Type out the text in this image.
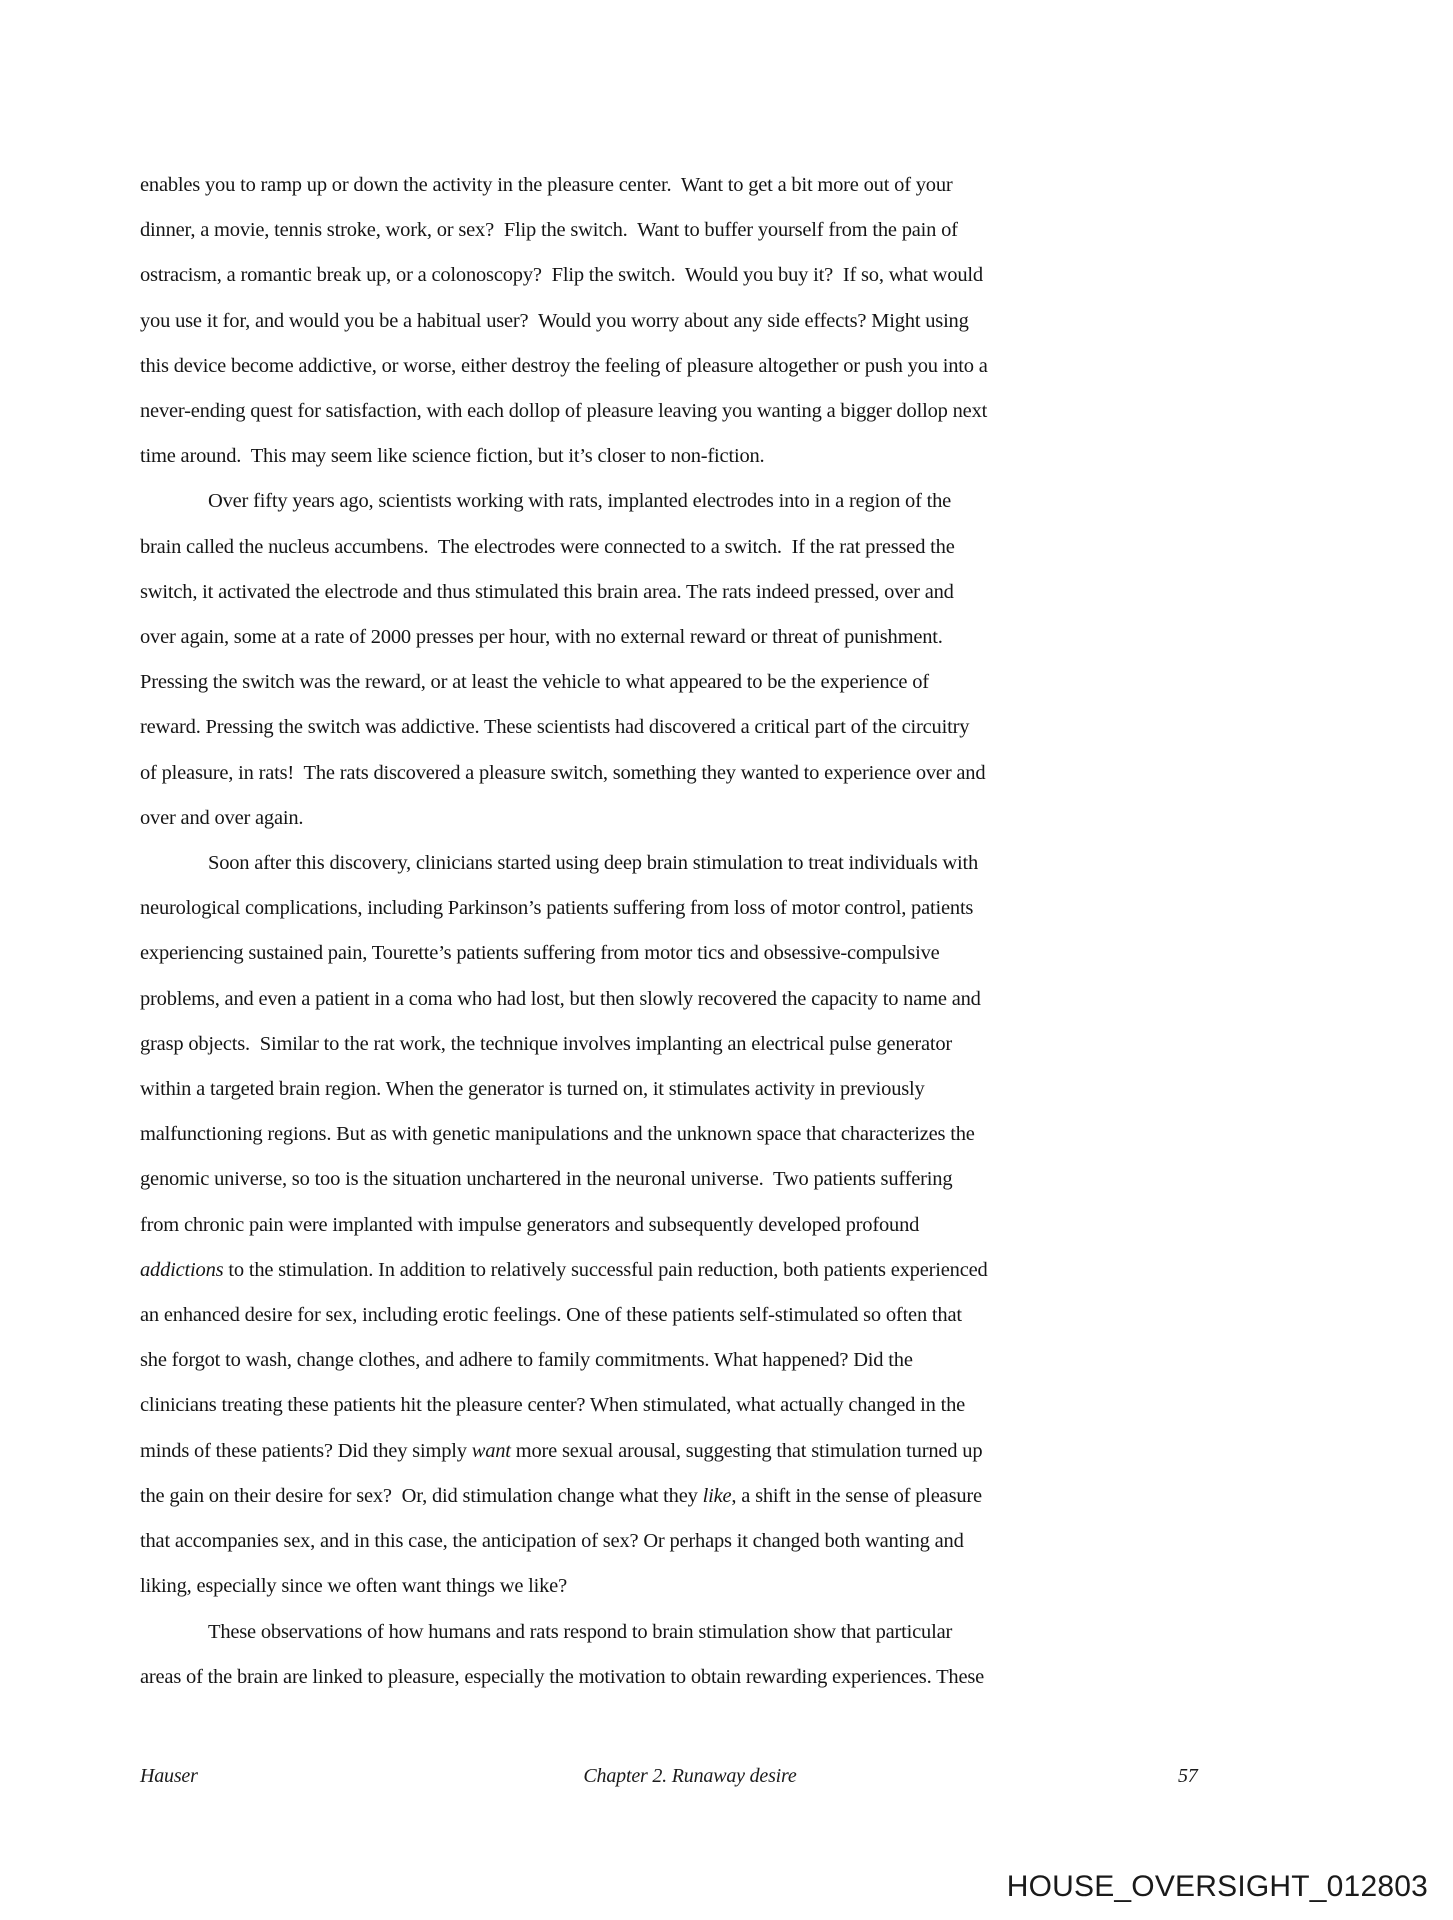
enables you to ramp up or down the activity in the pleasure center.  Want to get a bit more out of your
dinner, a movie, tennis stroke, work, or sex?  Flip the switch.  Want to buffer yourself from the pain of
ostracism, a romantic break up, or a colonoscopy?  Flip the switch.  Would you buy it?  If so, what would
you use it for, and would you be a habitual user?  Would you worry about any side effects? Might using
this device become addictive, or worse, either destroy the feeling of pleasure altogether or push you into a
never-ending quest for satisfaction, with each dollop of pleasure leaving you wanting a bigger dollop next
time around.  This may seem like science fiction, but it’s closer to non-fiction.
Over fifty years ago, scientists working with rats, implanted electrodes into in a region of the
brain called the nucleus accumbens.  The electrodes were connected to a switch.  If the rat pressed the
switch, it activated the electrode and thus stimulated this brain area. The rats indeed pressed, over and
over again, some at a rate of 2000 presses per hour, with no external reward or threat of punishment.
Pressing the switch was the reward, or at least the vehicle to what appeared to be the experience of
reward. Pressing the switch was addictive. These scientists had discovered a critical part of the circuitry
of pleasure, in rats!  The rats discovered a pleasure switch, something they wanted to experience over and
over and over again.
Soon after this discovery, clinicians started using deep brain stimulation to treat individuals with
neurological complications, including Parkinson’s patients suffering from loss of motor control, patients
experiencing sustained pain, Tourette’s patients suffering from motor tics and obsessive-compulsive
problems, and even a patient in a coma who had lost, but then slowly recovered the capacity to name and
grasp objects.  Similar to the rat work, the technique involves implanting an electrical pulse generator
within a targeted brain region. When the generator is turned on, it stimulates activity in previously
malfunctioning regions. But as with genetic manipulations and the unknown space that characterizes the
genomic universe, so too is the situation unchartered in the neuronal universe.  Two patients suffering
from chronic pain were implanted with impulse generators and subsequently developed profound
addictions to the stimulation. In addition to relatively successful pain reduction, both patients experienced
an enhanced desire for sex, including erotic feelings. One of these patients self-stimulated so often that
she forgot to wash, change clothes, and adhere to family commitments. What happened? Did the
clinicians treating these patients hit the pleasure center? When stimulated, what actually changed in the
minds of these patients? Did they simply want more sexual arousal, suggesting that stimulation turned up
the gain on their desire for sex?  Or, did stimulation change what they like, a shift in the sense of pleasure
that accompanies sex, and in this case, the anticipation of sex? Or perhaps it changed both wanting and
liking, especially since we often want things we like?
These observations of how humans and rats respond to brain stimulation show that particular
areas of the brain are linked to pleasure, especially the motivation to obtain rewarding experiences. These
Hauser	Chapter 2. Runaway desire	57
HOUSE_OVERSIGHT_012803
